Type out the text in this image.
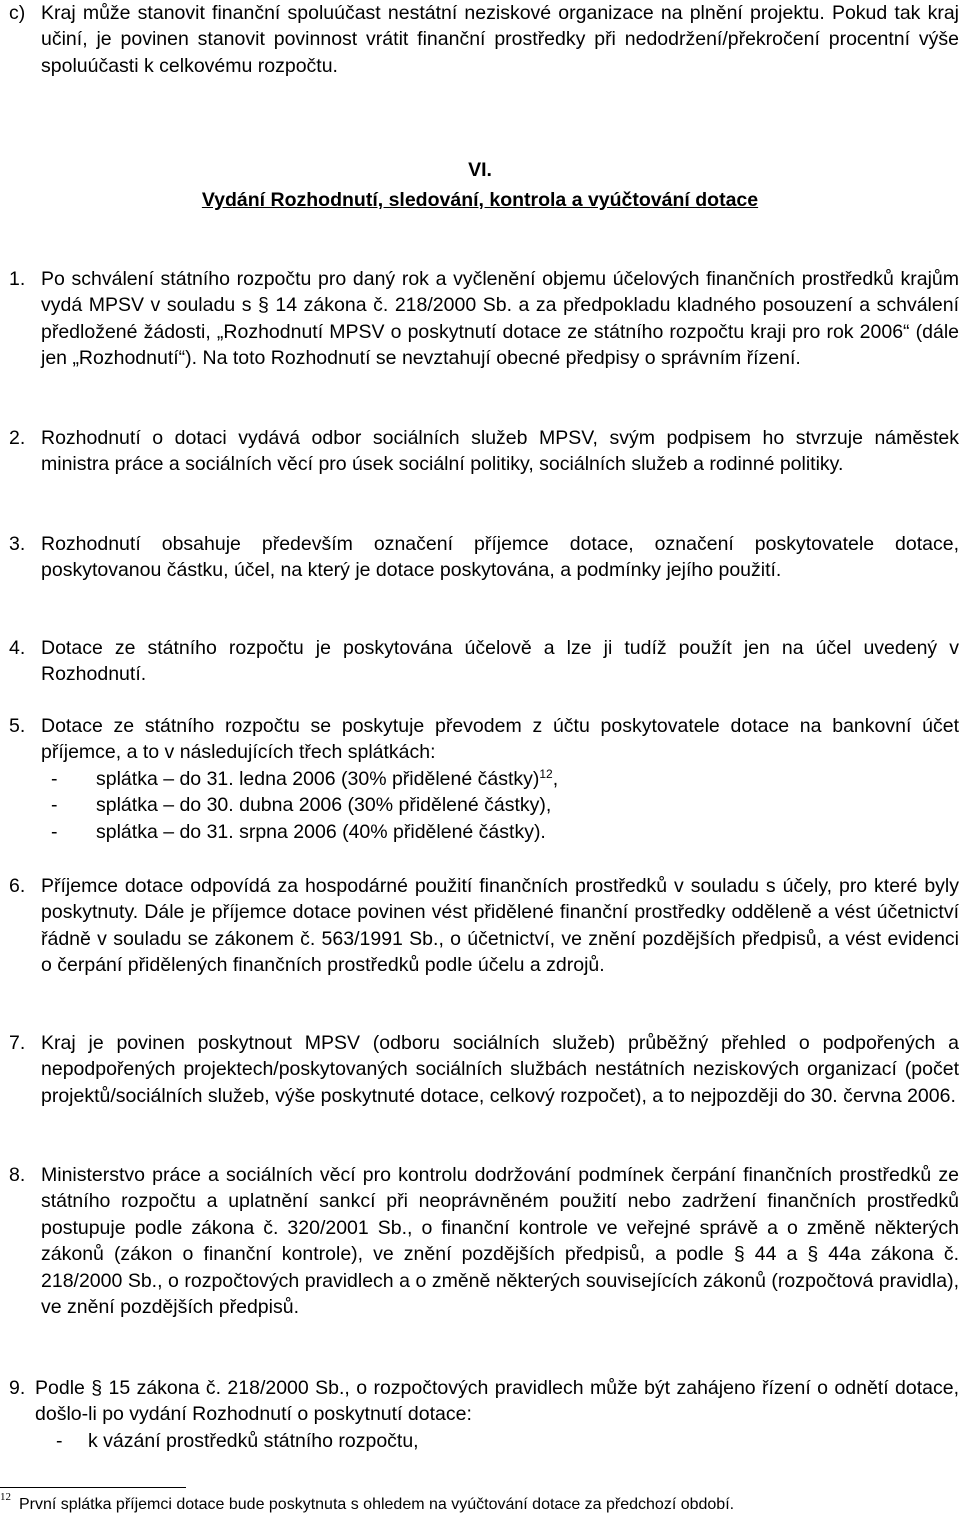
c) Kraj může stanovit finanční spoluúčast nestátní neziskové organizace na plnění projektu. Pokud tak kraj učiní, je povinen stanovit povinnost vrátit finanční prostředky při nedodržení/překročení procentní výše spoluúčasti k celkovému rozpočtu.

VI.
Vydání Rozhodnutí, sledování, kontrola a vyúčtování dotace
1. Po schválení státního rozpočtu pro daný rok a vyčlenění objemu účelových finančních prostředků krajům vydá MPSV v souladu s § 14 zákona č. 218/2000 Sb. a za předpokladu kladného posouzení a schválení předložené žádosti, „Rozhodnutí MPSV o poskytnutí dotace ze státního rozpočtu kraji pro rok 2006“ (dále jen „Rozhodnutí“). Na toto Rozhodnutí se nevztahují obecné předpisy o správním řízení.

2. Rozhodnutí o dotaci vydává odbor sociálních služeb MPSV, svým podpisem ho stvrzuje náměstek ministra práce a sociálních věcí pro úsek sociální politiky, sociálních služeb a rodinné politiky.

3. Rozhodnutí obsahuje především označení příjemce dotace, označení poskytovatele dotace, poskytovanou částku, účel, na který je dotace poskytována, a podmínky jejího použití.

4. Dotace ze státního rozpočtu je poskytována účelově a lze ji tudíž použít jen na účel uvedený v Rozhodnutí.

5. Dotace ze státního rozpočtu se poskytuje převodem z účtu poskytovatele dotace na bankovní účet příjemce, a to v následujících třech splátkách:

- splátka – do 31. ledna 2006 (30% přidělené částky)$^{12}$,
- splátka – do 30. dubna 2006 (30% přidělené částky),
- splátka – do 31. srpna 2006 (40% přidělené částky).
6. Příjemce dotace odpovídá za hospodárné použití finančních prostředků v souladu s účely, pro které byly poskytnuty. Dále je příjemce dotace povinen vést přidělené finanční prostředky odděleně a vést účetnictví řádně v souladu se zákonem č. 563/1991 Sb., o účetnictví, ve znění pozdějších předpisů, a vést evidenci o čerpání přidělených finančních prostředků podle účelu a zdrojů.

7. Kraj je povinen poskytnout MPSV (odboru sociálních služeb) průběžný přehled o podpořených a nepodpořených projektech/poskytovaných sociálních službách nestátních neziskových organizací (počet projektů/sociálních služeb, výše poskytnuté dotace, celkový rozpočet), a to nejpozději do 30. června 2006.

8. Ministerstvo práce a sociálních věcí pro kontrolu dodržování podmínek čerpání finančních prostředků ze státního rozpočtu a uplatnění sankcí při neoprávněném použití nebo zadržení finančních prostředků postupuje podle zákona č. 320/2001 Sb., o finanční kontrole ve veřejné správě a o změně některých zákonů (zákon o finanční kontrole), ve znění pozdějších předpisů, a podle § 44 a § 44a zákona č. 218/2000 Sb., o rozpočtových pravidlech a o změně některých souvisejících zákonů (rozpočtová pravidla), ve znění pozdějších předpisů.

9. Podle § 15 zákona č. 218/2000 Sb., o rozpočtových pravidlech může být zahájeno řízení o odnětí dotace, došlo-li po vydání Rozhodnutí o poskytnutí dotace:

- k vázání prostředků státního rozpočtu,
$^{12}$ První splátka příjemci dotace bude poskytnuta s ohledem na vyúčtování dotace za předchozí období.
